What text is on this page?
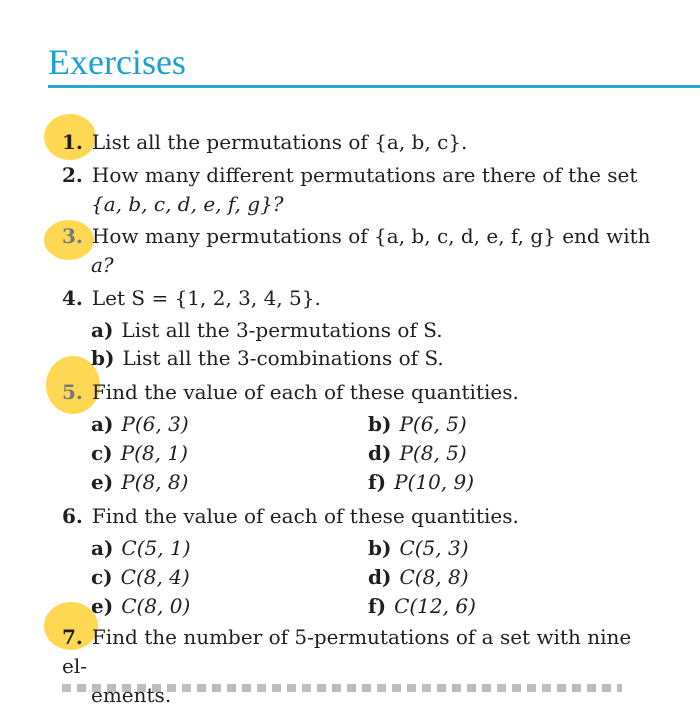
Exercises
1. List all the permutations of {a, b, c}.

2. How many different permutations are there of the set

{a, b, c, d, e, f, g}?

3. How many permutations of {a, b, c, d, e, f, g} end with

a?

4. Let S = {1, 2, 3, 4, 5}.
a) List all the 3-permutations of S.
b) List all the 3-combinations of S.
5. Find the value of each of these quantities.
a) P(6, 3)	b) P(6, 5)
c) P(8, 1)	d) P(8, 5)
e) P(8, 8)	f) P(10, 9)
6. Find the value of each of these quantities.
a) C(5, 1)	b) C(5, 3)
c) C(8, 4)	d) C(8, 8)
e) C(8, 0)	f) C(12, 6)

7. Find the number of 5-permutations of a set with nine el-

ements.
